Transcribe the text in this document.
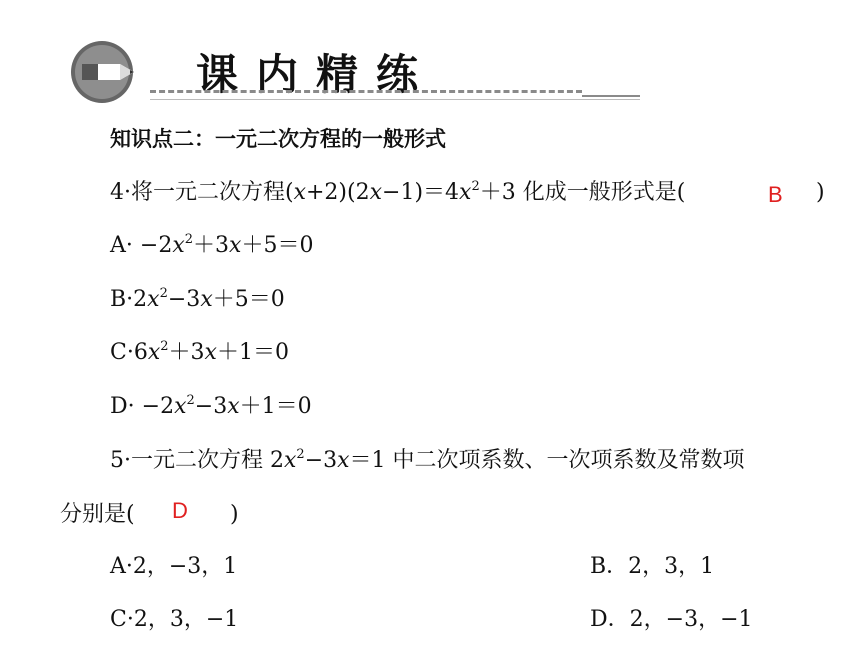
课内精练
知识点二：一元二次方程的一般形式
4·将一元二次方程$(x+2)(2x-1)=4x^2+3$ 化成一般形式是(	B )
$A\cdot -2x^2+3x+5=0$
$B\cdot 2x^2-3x+5=0$
$C\cdot 6x^2+3x+1=0$
$D\cdot -2x^2-3x+1=0$
5·一元二次方程 $2x^2-3x=1$ 中二次项系数、一次项系数及常数项
分别是( D )
A·2，−3，1	B．2，3，1
C·2，3，−1	D．2，−3，−1
